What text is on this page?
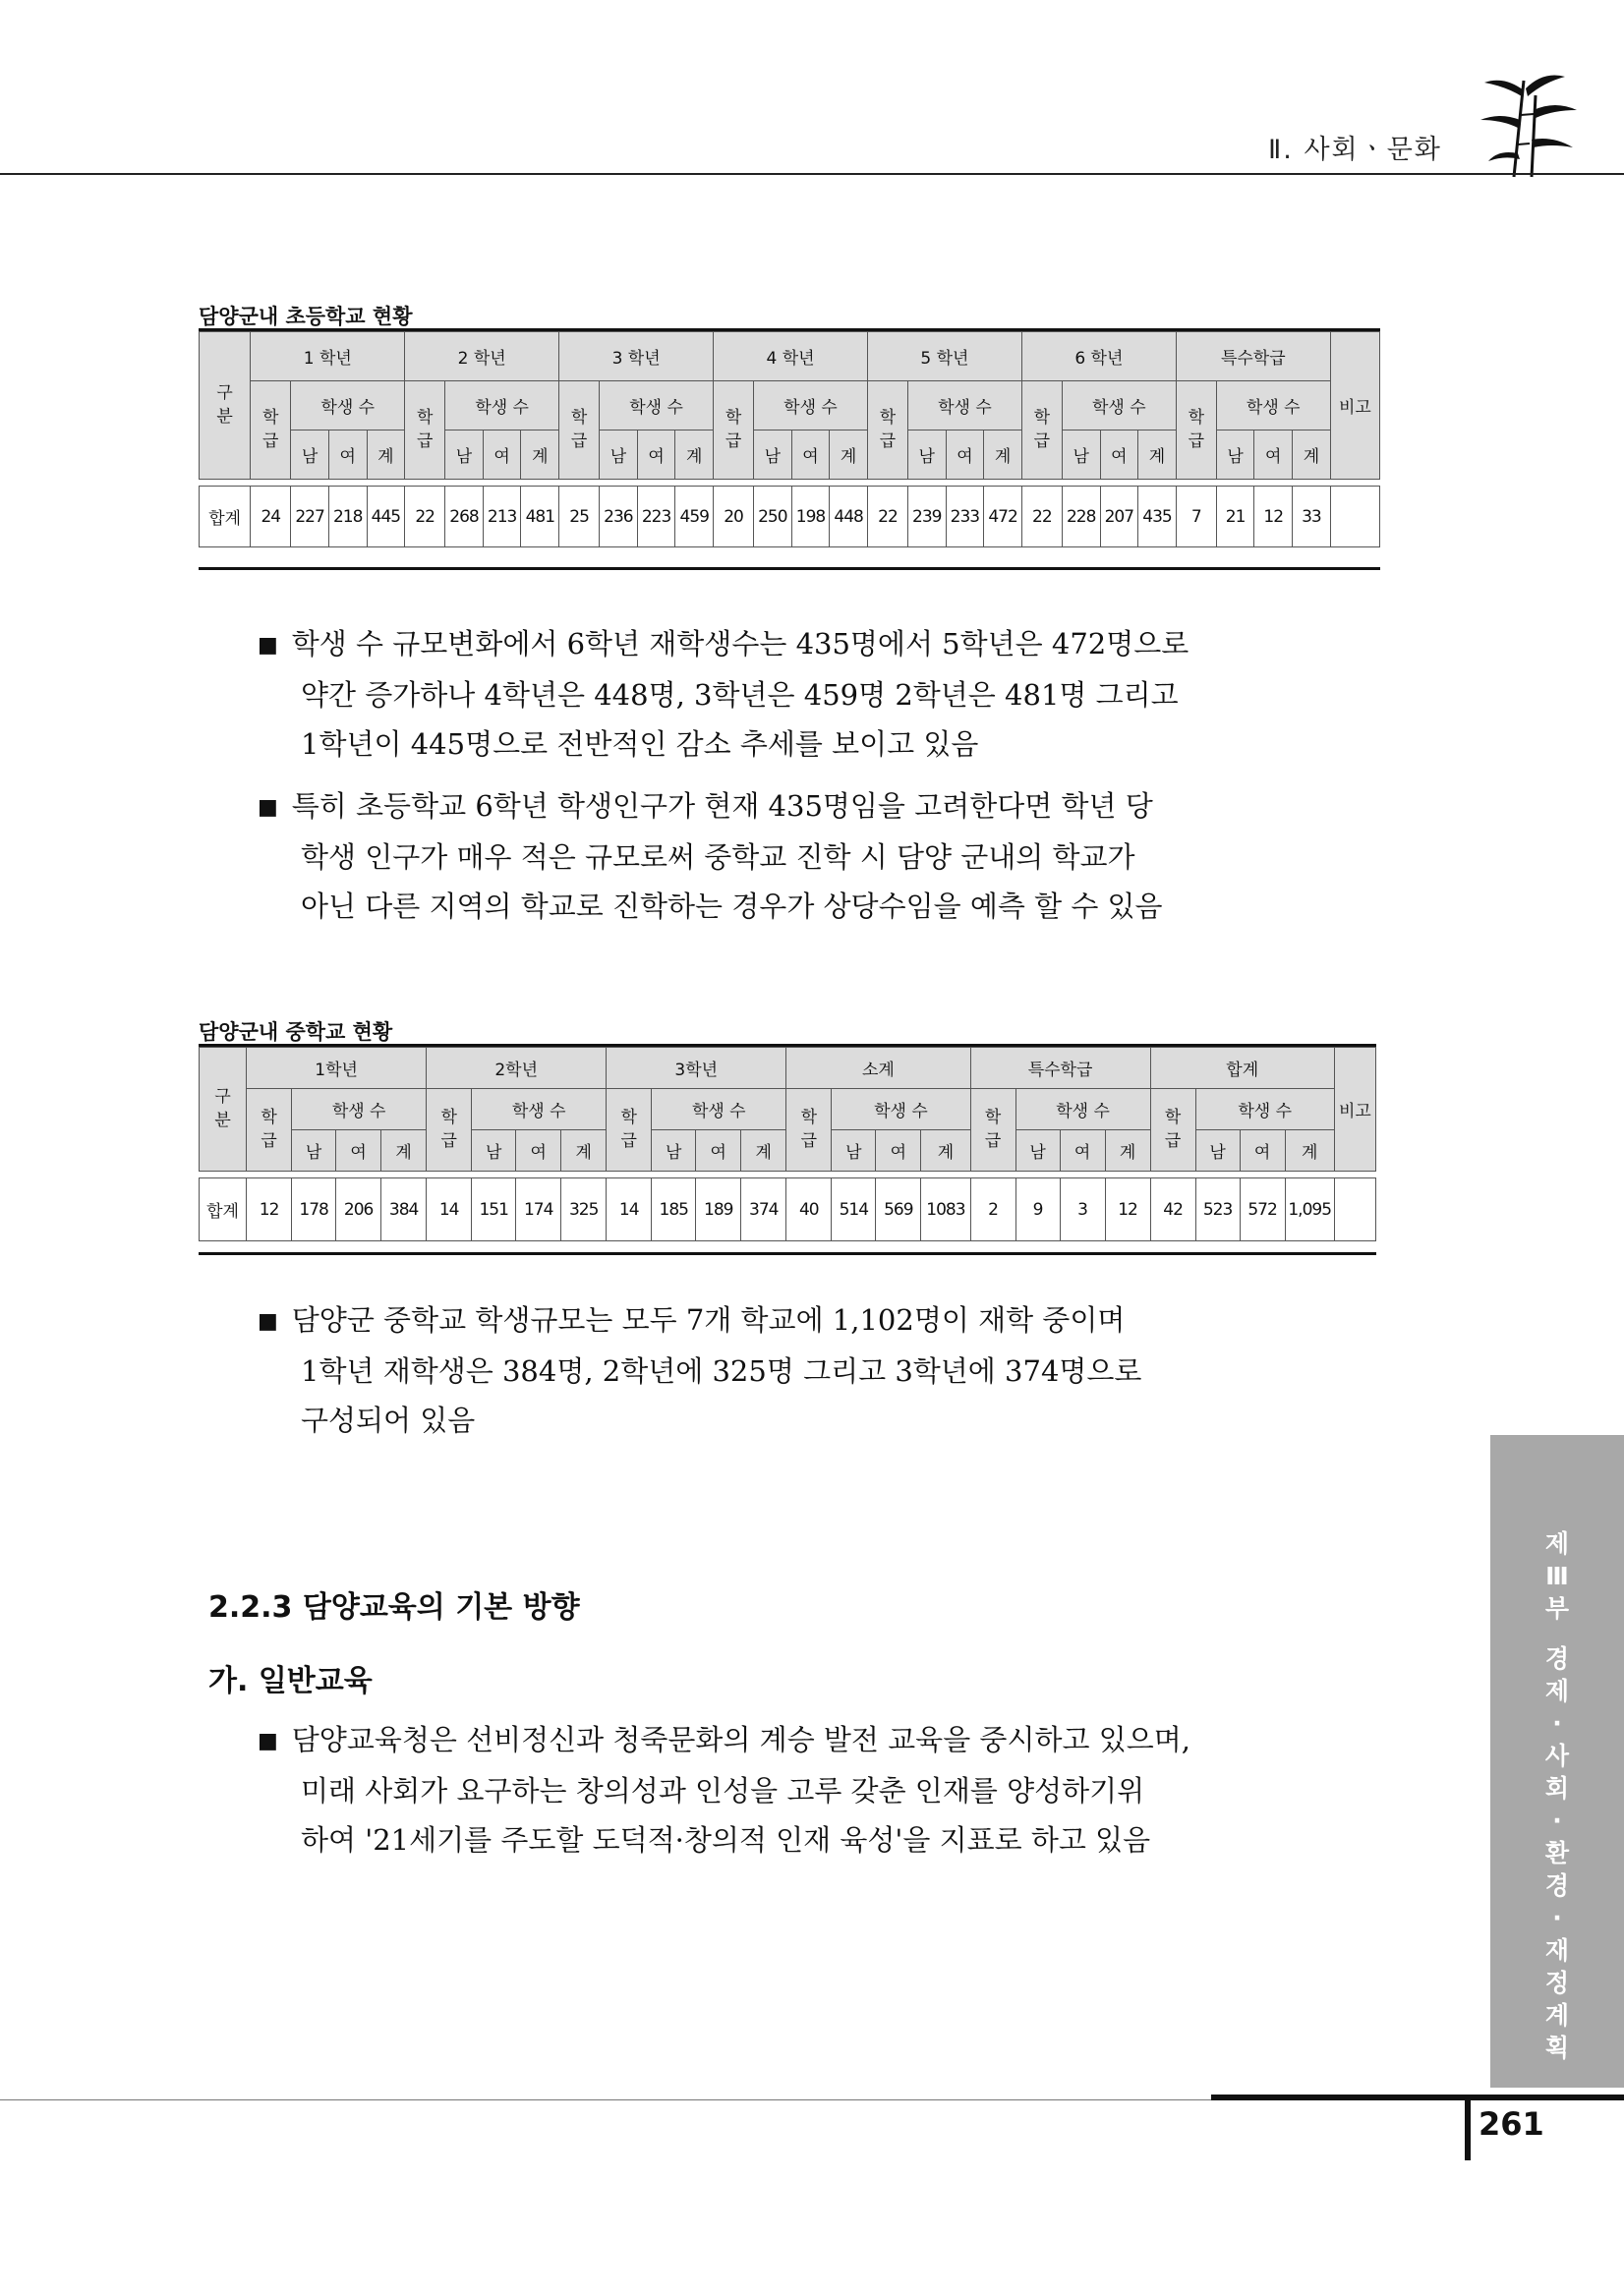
Ⅱ. 사회ㆍ문화
담양군내 초등학교 현황
구 분	1 학년				2 학년				3 학년				4 학년				5 학년				6 학년				특수학급				비고
	학 급	학생 수			학 급	학생 수			학 급	학생 수			학 급	학생 수			학 급	학생 수			학 급	학생 수			학 급	학생 수			
		남	여	계		남	여	계		남	여	계		남	여	계		남	여	계		남	여	계		남	여	계	

합계	24	227	218	445	22	268	213	481	25	236	223	459	20	250	198	448	22	239	233	472	22	228	207	435	7	21	12	33	
■ 학생 수 규모변화에서 6학년 재학생수는 435명에서 5학년은 472명으로
약간 증가하나 4학년은 448명, 3학년은 459명 2학년은 481명 그리고
1학년이 445명으로 전반적인 감소 추세를 보이고 있음
■ 특히 초등학교 6학년 학생인구가 현재 435명임을 고려한다면 학년 당
학생 인구가 매우 적은 규모로써 중학교 진학 시 담양 군내의 학교가
아닌 다른 지역의 학교로 진학하는 경우가 상당수임을 예측 할 수 있음
담양군내 중학교 현황
구 분	1학년				2학년				3학년				소계				특수학급				합계				비고
	학 급	학생 수			학 급	학생 수			학 급	학생 수			학 급	학생 수			학 급	학생 수			학 급	학생 수			
		남	여	계		남	여	계		남	여	계		남	여	계		남	여	계		남	여	계	

합계	12	178	206	384	14	151	174	325	14	185	189	374	40	514	569	1083	2	9	3	12	42	523	572	1,095	
■ 담양군 중학교 학생규모는 모두 7개 학교에 1,102명이 재학 중이며
1학년 재학생은 384명, 2학년에 325명 그리고 3학년에 374명으로
구성되어 있음
2.2.3 담양교육의 기본 방향
가. 일반교육
■ 담양교육청은 선비정신과 청죽문화의 계승 발전 교육을 중시하고 있으며,
미래 사회가 요구하는 창의성과 인성을 고루 갖춘 인재를 양성하기위
하여 '21세기를 주도할 도덕적·창의적 인재 육성'을 지표로 하고 있음
제
Ⅲ
부

경
제
·
사
회
·
환
경
·
재
정
계
획
261
